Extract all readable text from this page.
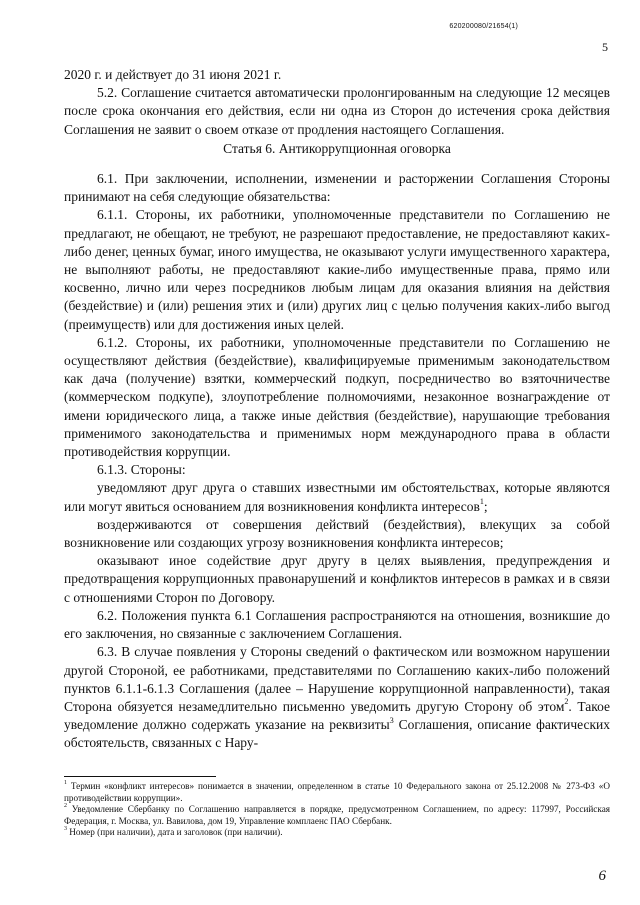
620200080/21654(1)
5

2020 г. и действует до 31 июня 2021 г.

5.2. Соглашение считается автоматически пролонгированным на следующие 12 месяцев после срока окончания его действия, если ни одна из Сторон до истечения срока действия Соглашения не заявит о своем отказе от продления настоящего Соглашения.

Статья 6. Антикоррупционная оговорка

6.1. При заключении, исполнении, изменении и расторжении Соглашения Стороны принимают на себя следующие обязательства:

6.1.1. Стороны, их работники, уполномоченные представители по Соглашению не предлагают, не обещают, не требуют, не разрешают предоставление, не предоставляют каких-либо денег, ценных бумаг, иного имущества, не оказывают услуги имущественного характера, не выполняют работы, не предоставляют какие-либо имущественные права, прямо или косвенно, лично или через посредников любым лицам для оказания влияния на действия (бездействие) и (или) решения этих и (или) других лиц с целью получения каких-либо выгод (преимуществ) или для достижения иных целей.

6.1.2. Стороны, их работники, уполномоченные представители по Соглашению не осуществляют действия (бездействие), квалифицируемые применимым законодательством как дача (получение) взятки, коммерческий подкуп, посредничество во взяточничестве (коммерческом подкупе), злоупотребление полномочиями, незаконное вознаграждение от имени юридического лица, а также иные действия (бездействие), нарушающие требования применимого законодательства и применимых норм международного права в области противодействия коррупции.

6.1.3. Стороны:

уведомляют друг друга о ставших известными им обстоятельствах, которые являются или могут явиться основанием для возникновения конфликта интересов$^1$;

воздерживаются от совершения действий (бездействия), влекущих за собой возникновение или создающих угрозу возникновения конфликта интересов;

оказывают иное содействие друг другу в целях выявления, предупреждения и предотвращения коррупционных правонарушений и конфликтов интересов в рамках и в связи с отношениями Сторон по Договору.

6.2. Положения пункта 6.1 Соглашения распространяются на отношения, возникшие до его заключения, но связанные с заключением Соглашения.

6.3. В случае появления у Стороны сведений о фактическом или возможном нарушении другой Стороной, ее работниками, представителями по Соглашению каких-либо положений пунктов 6.1.1-6.1.3 Соглашения (далее – Нарушение коррупционной направленности), такая Сторона обязуется незамедлительно письменно уведомить другую Сторону об этом$^2$. Такое уведомление должно содержать указание на реквизиты$^3$ Соглашения, описание фактических обстоятельств, связанных с Нару-

$^1$ Термин «конфликт интересов» понимается в значении, определенном в статье 10 Федерального закона от 25.12.2008 № 273-ФЗ «О противодействии коррупции».

$^2$ Уведомление Сбербанку по Соглашению направляется в порядке, предусмотренном Соглашением, по адресу: 117997, Российская Федерация, г. Москва, ул. Вавилова, дом 19, Управление комплаенс ПАО Сбербанк.

$^3$ Номер (при наличии), дата и заголовок (при наличии).

6
